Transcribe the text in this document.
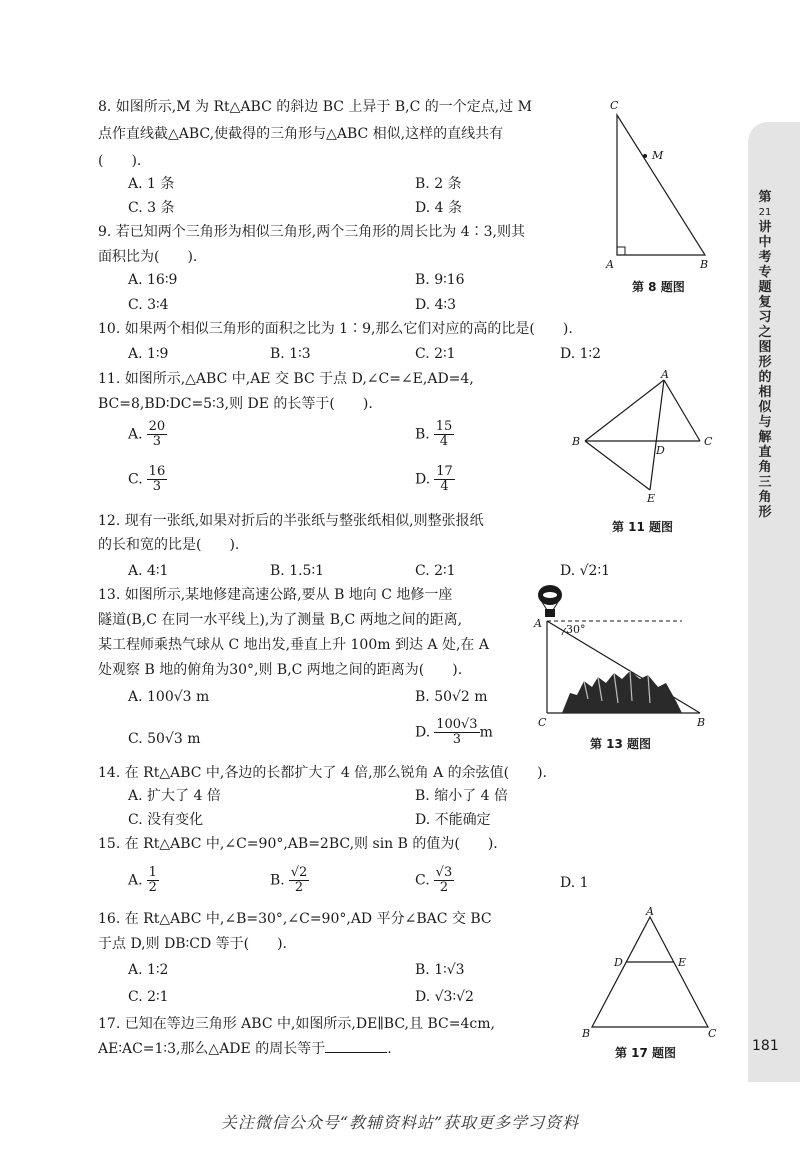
第
21
讲中考专题复习之图形的相似与解直角三角形
8. 如图所示,M 为 Rt△ABC 的斜边 BC 上异于 B,C 的一个定点,过 M
点作直线截△ABC,使截得的三角形与△ABC 相似,这样的直线共有
(　　).
A. 1 条	B. 2 条
C. 3 条	D. 4 条
C
M
A	B
第 8 题图
9. 若已知两个三角形为相似三角形,两个三角形的周长比为 4∶3,则其
面积比为(　　).
A. 16∶9	B. 9∶16
C. 3∶4	D. 4∶3
10. 如果两个相似三角形的面积之比为 1∶9,那么它们对应的高的比是(　　).
A. 1∶9	B. 1∶3	C. 2∶1	D. 1∶2
11. 如图所示,△ABC 中,AE 交 BC 于点 D,∠C=∠E,AD=4,
BC=8,BD∶DC=5∶3,则 DE 的长等于(　　).
A. $\frac{20}{3}$	B. $\frac{15}{4}$
C. $\frac{16}{3}$	D. $\frac{17}{4}$
A
B	C
D
E
第 11 题图
12. 现有一张纸,如果对折后的半张纸与整张纸相似,则整张报纸
的长和宽的比是(　　).
A. 4∶1	B. 1.5∶1	C. 2∶1	D. √2∶1
13. 如图所示,某地修建高速公路,要从 B 地向 C 地修一座
隧道(B,C 在同一水平线上),为了测量 B,C 两地之间的距离,
某工程师乘热气球从 C 地出发,垂直上升 100m 到达 A 处,在 A
处观察 B 地的俯角为30°,则 B,C 两地之间的距离为(　　).
A. 100√3 m	B. 50√2 m
C. 50√3 m	D. $\frac{100√3}{3}$ m
A 30°
C	B
第 13 题图
14. 在 Rt△ABC 中,各边的长都扩大了 4 倍,那么锐角 A 的余弦值(　　).
A. 扩大了 4 倍	B. 缩小了 4 倍
C. 没有变化	D. 不能确定
15. 在 Rt△ABC 中,∠C=90°,AB=2BC,则 sin B 的值为(　　).
A. $\frac{1}{2}$	B. $\frac{√2}{2}$	C. $\frac{√3}{2}$	D. 1
16. 在 Rt△ABC 中,∠B=30°,∠C=90°,AD 平分∠BAC 交 BC
于点 D,则 DB∶CD 等于(　　).
A. 1∶2	B. 1∶√3
C. 2∶1	D. √3∶√2
17. 已知在等边三角形 ABC 中,如图所示,DE∥BC,且 BC=4cm,
AE∶AC=1∶3,那么△ADE 的周长等于	.
A
D	E
B	C
第 17 题图	181
关注微信公众号“教辅资料站”获取更多学习资料
